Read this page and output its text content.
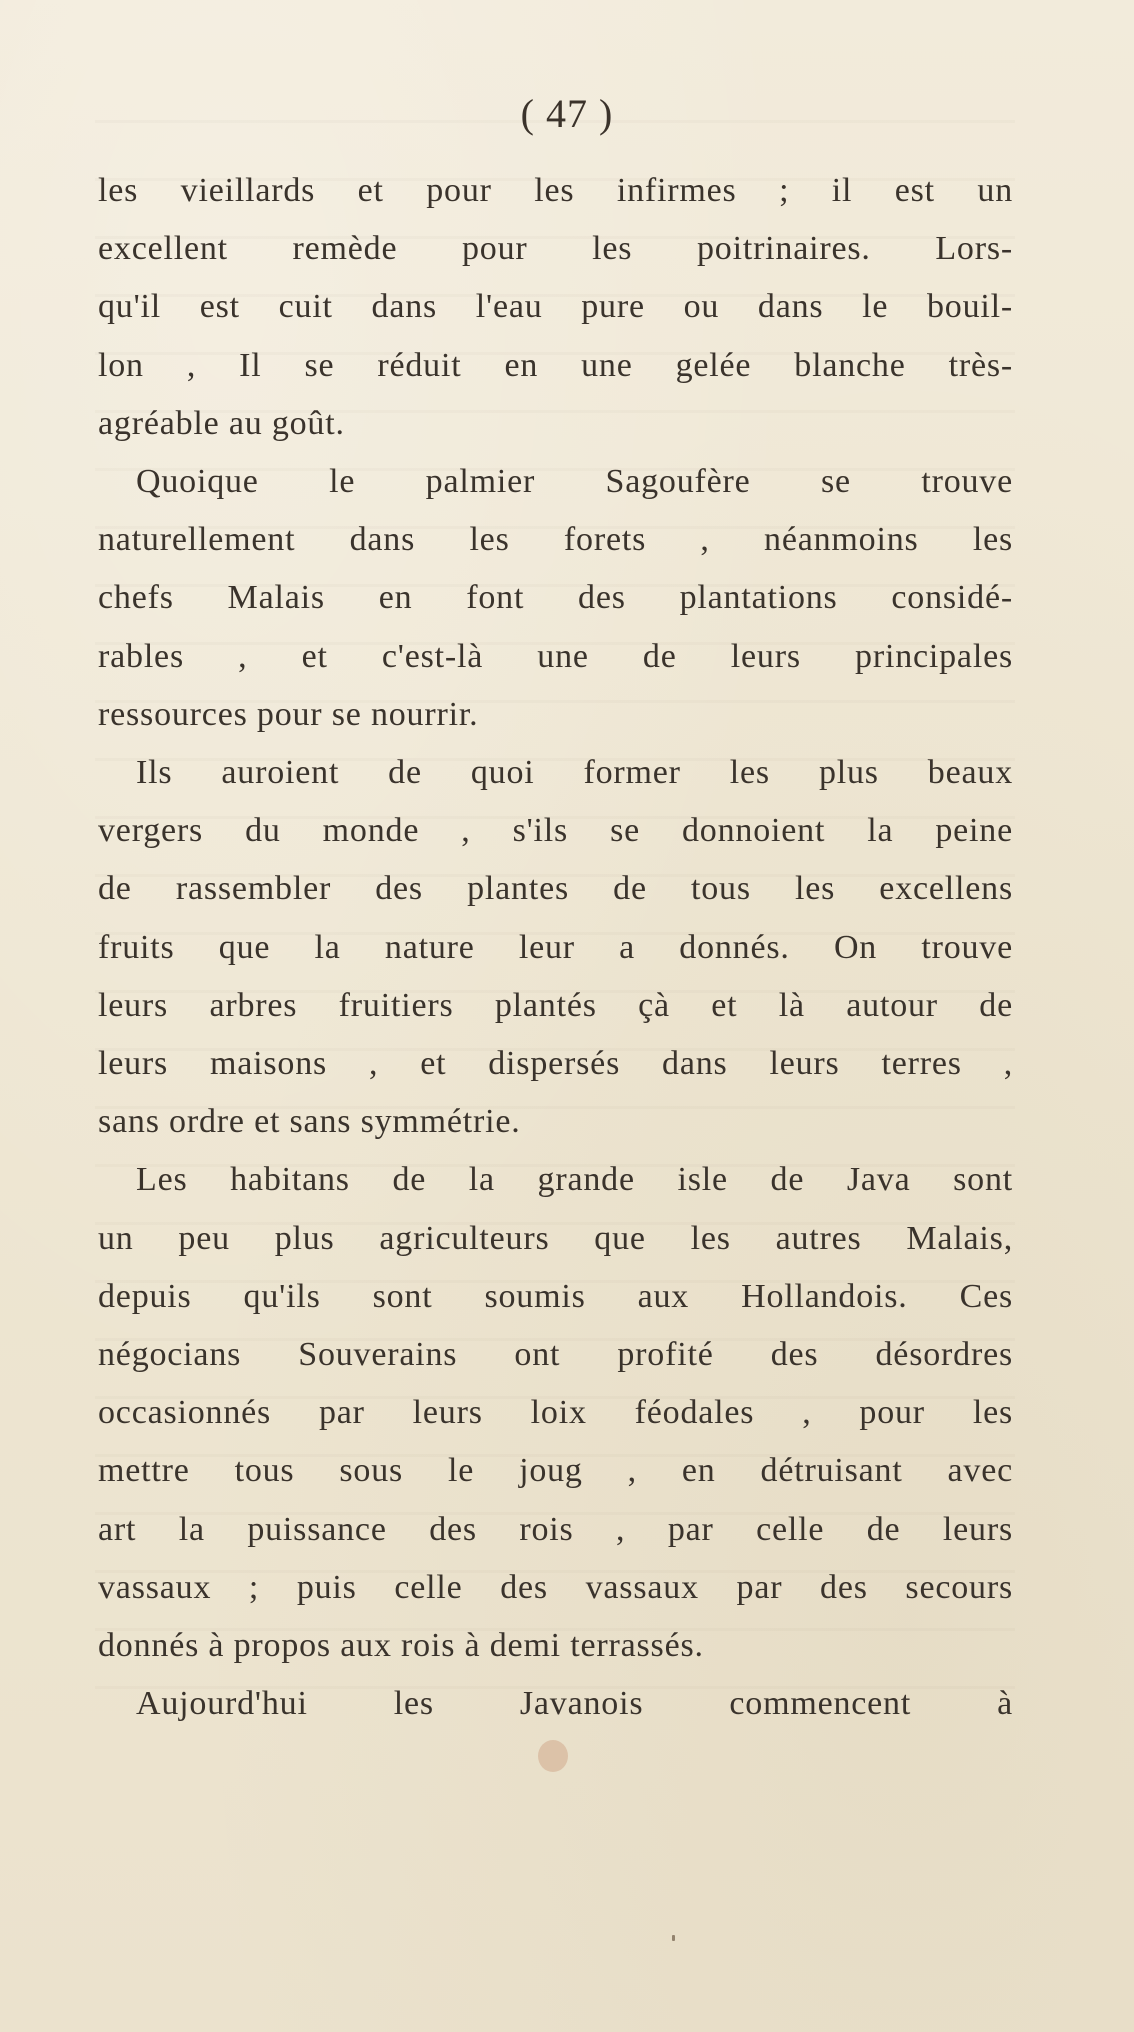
( 47 )
les vieillards et pour les infirmes ; il est un
excellent remède pour les poitrinaires. Lors-
qu'il est cuit dans l'eau pure ou dans le bouil-
lon , Il se réduit en une gelée blanche très-
agréable au goût.
Quoique le palmier Sagoufère se trouve
naturellement dans les forets , néanmoins les
chefs Malais en font des plantations considé-
rables , et c'est-là une de leurs principales
ressources pour se nourrir.
Ils auroient de quoi former les plus beaux
vergers du monde , s'ils se donnoient la peine
de rassembler des plantes de tous les excellens
fruits que la nature leur a donnés. On trouve
leurs arbres fruitiers plantés çà et là autour de
leurs maisons , et dispersés dans leurs terres ,
sans ordre et sans symmétrie.
Les habitans de la grande isle de Java sont
un peu plus agriculteurs que les autres Malais,
depuis qu'ils sont soumis aux Hollandois. Ces
négocians Souverains ont profité des désordres
occasionnés par leurs loix féodales , pour les
mettre tous sous le joug , en détruisant avec
art la puissance des rois , par celle de leurs
vassaux ; puis celle des vassaux par des secours
donnés à propos aux rois à demi terrassés.
Aujourd'hui les Javanois commencent à
